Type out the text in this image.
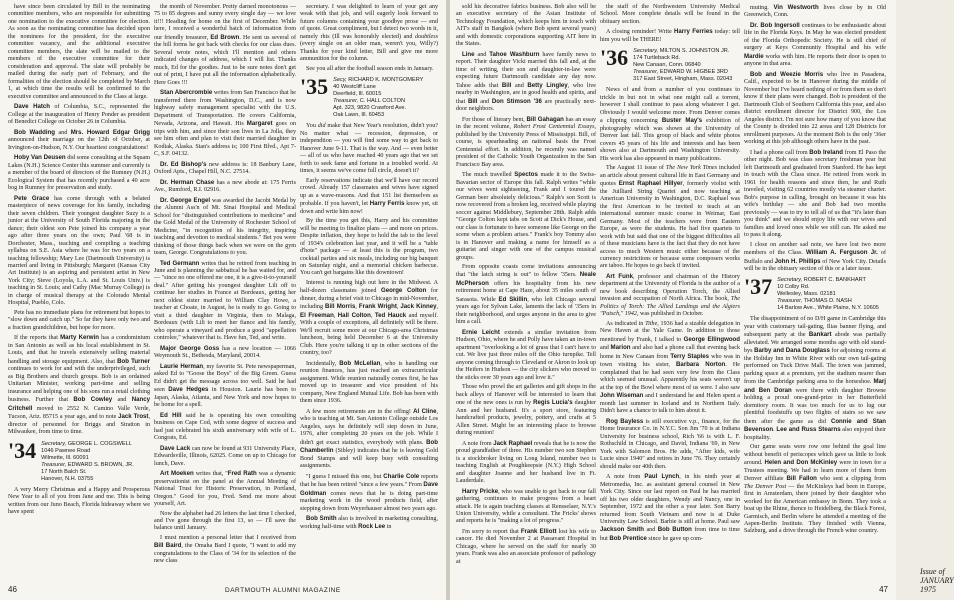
have since been circulated by Bill to the nominating committee members, who are responsible for submitting one nomination to the executive committee for election. As soon as the nominating committee has decided upon the nominees for the president, for the executive committee vacancy, and the additional executive committee members, the slate will be mailed to the members of the executive committee for their consideration and approval. The slate will probably be mailed during the early part of February, and the formalities of the election should be completed by March 1, at which time the results will be confirmed to the executive committee and announced to the Class at large.

Dave Hatch of Columbia, S.C., represented the College at the inauguration of Henry Ponder as president of Benedict College on October 26 in Columbia.

Bob Wadding and Mrs. Howard Edgar Grigg announced their marriage on the 12th of October, at Irvington-on-Hudson, N.Y. Our heartiest congratulations!

Hoby Van Deusen did some consulting at the Squam Lakes (N.H.) Science Center this summer and currently is a member of the board of directors of the Rumney (N.H.) Ecological System that has recently purchased a 40 acre bog in Rumney for preservation and study.

Pete Grace has come through with a belated masterpiece of news coverage for his family, including their seven children. Their youngest daughter Suzy is a junior at the University of South Florida majoring in the dance; their oldest son Pete joined his company a year ago after three years on the own; Paul '68 is in Dorchester, Mass., teaching and compiling a teaching syllabus on S.E. Asia where he was for two years on a teaching fellowship; Mary Lee (Dartmouth University) is married and living in Pittsburgh; Margaret (Kansas City Art Institute) is an aspiring and persistent artist in New York City; Steve (Loyola, L.A. and St. Louis Univ.) is teaching in St. Louis; and Cathy (Mac Murray College) is in charge of musical therapy at the Colorado Mental Hospital, Pueblo, Colo.

Pete has no immediate plans for retirement but hopes to "slow down and catch up." So far they have only two and a fraction grandchildren, but hope for more.

If the reports that Marty Kerwin has a condominium in San Antonio as well as his local establishment in St. Louis, and that he travels extensively selling material handling and storage equipment. Also, that Bob Turner continues to work for and with the underprivileged, such as Big Brothers and church groups. Bob is an ordained Unitarian Minister, working part-time and selling insurance and helping one of his sons run a retail clothing business. Further that Bob Cowley and Nancy Critchell moved to 2552 N. Camino Valle Verde, Tucson, Ariz. 85715 a year ago, and to note Jack Trost, director of personnel for Briggs and Stratton in Milwaukee, from time to time.

'34 Secretary, GEORGE L. COGSWELL
1046 Pawnee Road
Wilmette, Ill. 60091
Treasurer, EDWARD S. BROWN, JR.
17 North Balch St.
Hanover, N.H. 03755

A very Merry Christmas and a Happy and Prosperous New Year to all of you from Jane and me. This is being written from our Juno Beach, Florida hideaway where we have spent

the month of November. Pretty darned monotonous — 75 to 85 degrees and sunny every single day — we love it!!! Heading for home on the first of December. While here, I received a wonderful batch of information from our friendly treasurer, Ed Brown. He sent us several of the bill forms he got back with checks for our class dues. Several wrote notes, which I'll mention and others indicated changes of address, which I will list. Thanks much, Ed for the goodies. Just to be sure notes don't get out of print, I have put all the information alphabetically. Here Goes !!!

Stan Abercrombie writes from San Francisco that he transferred there from Washington, D.C., and is now highway safety management specialist with the U.S. Department of Transportation. He covers California, Nevada, Arizona, and Hawaii. His Margaret goes on trips with him, and since their son lives in La Jolla, they see him often and plan to visit their married daughter in Kodiak, Alaska. Stan's address is; 100 First Blvd., Apt 7-C, S.F. 04132.

Dr. Ed Bishop's new address is: 18 Banbury Lane, Oxford Apts., Chapel Hill, N.C. 27514.

Dr. Herman Chase has a new abode at: 175 Ferris Ave., Rumford, R.I. 02916.

Dr. George Engel was awarded the Jacobi Medal by the Alumni Ass'n of Mt. Sinai Hospital and Medical School for "distinguished contributions to medicine" and the Gold Medal of the University of Rochester School of Medicine, "in recognition of his integrity, inspiring teaching and devotion to medical students." Bet you were thinking of those things back when we were on the gym team, George. Congratulations to you.

Ted Germann writes that he retired from teaching in June and is planning the sabbatical he has waited for, and — "since no one offered me one, it is a give-it-to-yourself deal." After getting his youngest daughter Lili off to continue her studies in France at Bordeaux, getting her next oldest sister married to William Clay Howe, a teacher at Choate, in August, he is ready to go. Going to visit a third daughter in Virginia, then to Malaga, Bordeaux (with Lili to meet her fiance and his family, who operate a vineyard and produce a good "appellation controlee," whatever that is. Have fun, Ted, and write.

Major George Goss has a new location — 1066 Weymouth St., Bethesda, Maryland, 20014.

Laurie Herman, my favorite St. Pete newspaperman, asked Ed to "Goose the Boys" of the Big Green. Guess Ed didn't get the message across too well. Said he had seen Dave Hedges in Houston. Laurie has been to Japan, Alaska, Atlanta, and New York and now hopes to be home for a spell.

Ed Hill said he is operating his own consulting business on Cape Cod, with some degree of success and had just celebrated his sixth anniversary with wife of L. Congrats, Ed.

Dave Lack can now be found at 931 University Place, Edwardsville, Illinois, 62025. Come on up to Chicago for lunch, Dave.

Art Moeken writes that, "Fred Rath was a dynamic preservationist on the panel at the Annual Meeting of National Trust for Historic Preservation, in Portland, Oregon." Good for you, Fred. Send me more about yourself, Art.

Now the alphabet had 26 letters the last time I checked, and I've gone through the first 13, so — I'll save the balance until January.

I must mention a personal letter that I received from Bill Baird, the Omaha Bard I quote, "I want to add my congratulations to the Class of '34 for its selection of the new class

secretary. I was delighted to learn of your get any weak with that job, and will eagerly look forward to future columns containing your goodbye prose — end of quote. Great compliment, but I detect two words in it, namely rhis (Ill was honorably elected) and doubtless (every single on an older man, weren't you, Willy?) Thanks for your kind letter, Bill and give me more ammunition for the column.

See you all after the football season ends in January.

'35 Secy, RICHARD K. MONTGOMERY
40 Westcliff Lane
Deerfield, Ill. 60015
Treasurer, C. HALL COLTON
Apt. 323, 9820 Crawford Ave.
Oak Lawn, Ill. 60453

You did make that New Year's resolution, didn't you? No matter what — recession, depression, or independtion — you will find some way to get back to Hanover June 9-11. That is the way. And — even better — all of us who have reached 40 years ago that we set forth to seek fame and fortune in a troubled world. At times, it seems we've come full circle, doesn't it?

Early reservations indicate that we'll have our record crowd. Already 157 classmates and wives have signed up as a wave-reasons. And that 151 list themselves as probable. If you haven't, let Harry Ferris know yet, sit down and write him now!

By the time you get this, Harry and his committee will be meeting to finalize plans — and more on prices. Despite inflation, they hope to hold the tab to the level of 1934's celebration last year, and it will be a "table d'hote" package — at least this is the program, two cocktail parties and six meals, including our big banquet on Saturday night, and a memorial chicken barbecue. You can't get bargains like this downtown!

Interest is running high out here in the Midwest. A half-dozen classmates joined George Colton for dinner, during a brief visit to Chicago in mid-November, including Bill Morris, Frank Wright, Jack Kinney, El Freeman, Hall Colton, Ted Hauck and myself. With a couple of exceptions, all definitely will be there. We'll recruit some more at our Chicago-area Christmas luncheon, being held December 6 at the University Club. Here you're talking it up in other sections of the country, too?

Incidentally, Bob McLellan, who is handling our reunion finances, has just reached an extracurricular assignment. While reunion naturally comes first, he has moved up to treasurer and vice president of his company, New England Mutual Life. Bob has been with them since 1936.

A few more retirements are in the offing! Al Cline, who is teaching at Mt. San Antonio College outside Los Angeles, says he definitely will step down in June, 1976, after completing 20 years on the job. While I didn't get exact statistics, everybody with plans. Bob Chamberlin (Sibley) indicates that he is leaving Gold Bond Stamps and will keep busy with consulting assignments.

"I guess I missed this one, but Charlie Cole reports that he has been retired "since a few years." From Dave Goldman comes news that he is doing part-time marketing work in the wood products field, after stepping down from Weyerhauser almost two years ago.

Bob Smith also is involved in marketing consulting, working half-time with Rock Lee in

46	DARTMOUTH ALUMNI MAGAZINE

sold his decorative fabrics business. Bob also will be an executive secretary of the Asian Institute of Technology Foundation, which keeps him in touch with AIT's staff in Bangkok (where Bob spent several years) and with domestic corporations supporting AIT here in the States.

Line and Tahoe Washburn have family news to report. Their daughter Vicki married this fall and, at the time of writing, their son and daughter-in-law were expecting future Dartmouth candidate any day now. Tahoe adds that Bill and Betty Lingley, who live nearby in Washington, are in good health and spirits, and that Bill and Don Stimson '36 are practically next-door neighbors.

For those of literary bent, Bill Gahagan has an essay in the recent volume, Robert Frost Centennial Essays, published by the University Press of Mississippi. Bill, of course, is spearheading an national basis the Frost Centennial effort. In addition, he recently was named president of the Catholic Youth Organization in the San Francisco Bay area.

The much travelled Spectos made it to the Swiss-Bavarian sector of Europe this fall. Ralph writes "while our wives went sightseeing, Frank and I toured the German beer absolutely delicious." Ralph's son Scott is now recovered from a broken leg, received while playing soccer against Middlebury, September 28th. Ralph adds "George Colton kept tabs on Scott at Dick's House, and our class is fortunate to have someone like George on the scene when a problem arises." Frank's boy Tommy also is in Hanover and making a name for himself as a guitarist and singer with one of the campus musical groups.

From opposite coasts come invitations announcing that "the latch string is out" to fellow '35ers. Neale McPherson offers his hospitality from his new retirement home at Cape Haze, about 35 miles south of Sarasota. While Ed Skillin, who left Chicago several years ago for Sylvan Lake, laments the lack of '35ers in their neighborhood, and urges anyone in the area to give him a call.

Ernie Leicht extends a similar invitation from Hudson, Ohio, where he and Polly have taken an in-town apartment "overlooking a lot of grass that I can't have to cut. We live just three miles off the Ohio turnpike. Tell anyone coming through to Cleveland or Akron to look up the Heifers in Hudson — the city slickers who moved to the sticks over 30 years ago and love it."

Those who prowl the art galleries and gift shops in the back alleys of Hanover will be interested to learn that one of the new ones is run by Regis Lucia's daughter Ann and her husband. It's a sport store, featuring handcrafted products, jewelry, pottery, and crafts at 5 Allen Street. Might be an interesting place to browse during reunion!

A note from Jack Raphael reveals that he is now the proud grandfather of three. His number two son Stephen is a stockbroker living on Long Island, number two is teaching English at Poughkeepsie (N.Y.) High School and daughter Joanne and her husband live in Ft. Lauderdale.

Harry Pricke, who was unable to get back to our fall gathering, continues to make progress from a heart attack. He is again teaching classes at Rensselaer, N.Y.'s Union University, while a consultant. The Fricks' shows and reports he is "making a lot of progress."

I'm sorry to report that Frank Elliott lost his wife to cancer. He died November 2 at Passavant Hospital in Chicago, where he served on the staff for nearly 30 years. Frank was also an associate professor of pathology at

the staff of the Northwestern University Medical School. More complete details will be found in the obituary section.

A closing reminder! Write Harry Ferries today: tell him you will be THERE!

'36 Secretary, MILTON S. JOHNSTON JR.
174 Turtleback Rd.
New Canaan, Conn. 06840
Treasurer, EDWARD W. HIGBEE 3RD
317 East Street, Hingham, Mass. 02043

News of and from a number of you continues to trickle in but not in what one might call a torrent, however I shall continue to pass along whatever I get. Obviously I would welcome more. From Denver comes a clipping concerning Buster May's exhibition of photography which was shown at the University of Denver last fall. This group of black and white photos covers 45 years of his life and interests and has been shown also at Dartmouth and Washington University. His work has also appeared in many publications.

The August 11 issue of The New York Times included an article about present cultural life in East Germany and quotes Ernst Raphael Hillyer, formerly violist with the Juilliard String Quartet and now teaching at American University in Washington, D.C. Raphael was the first American to be invited to teach at an international summer music course in Weimar, East Germany. Most of the teachers were from Eastern Europe, as were the students. He had five quartets to work with but said that one of the biggest difficulties all of these musicians have is the fact that they do not have access to much Western music either because of the currency restrictions or because some composers works are taboo. He hopes to go back if invited.

Art Funk, professor and chairman of the History department at the University of Florida is the author of a new book describing Operation Torch, the Allied invasion and occupation of North Africa. The book, The Politics of Torch: The Allied Landings and the Algiers "Putsch," 1942, was published in October.

As indicated in Tithe, 1936 had a sizable delegation in New Haven at the Yale Game. In addition to those mentioned by Frank, I talked to George Ellingwood and Marion and also had a phone call that evening back home in New Canaan from Terry Staples who was in town visiting his sister, Barbara Norton. He complained that he had seen very few from the Class which seemed unusual. Apparently his seats weren't up at the top of the Bowl where most of us were. I also saw John Wiseman and I understand he and Helen spent a month last summer in Iceland and in Northern Italy. Didn't have a chance to talk to him about it.

Rog Bayless is still executive v.p., finance, for the Home Insurance Co. in N.Y.C. Son Jim '70 is at Indiana University for business school, Rich '66 is with L. F. Rothschild in Chicago, and David, Indiana '69, in New York with Salomon Bros. He adds, "After kids, wife Lucie since 1940" and retires in June '76. They certainly should make our 40th then.

A note from Paul Lynch, in his ninth year at Metromedia, Inc. as assistant general counsel in New York City. Since our last report on Paul he has married off his two older daughters, Wendy and Nancy, one in September, 1972 and the other a year later. Son Barry returned from South Vietnam and now is at Duke University Law School. Barbie is still at home. Paul saw Jackson Smith and Bob Button from time to time but Bob Prentice since he gave up com-

muting. Vin Westworth lives close by in Old Greenwich, Conn.

Dr. Bob Ingersoll continues to be enthusiastic about life in the Florida Keys. In May he was elected president of the Florida Orthopedic Society. He is still chief of surgery at Keys Community Hospital and his wife Mardie works with him. He reports their door is open to anyone in that area.

Bob and Weezie Morris who live in Pasadena, Calif., expected to be in Hanover during the middle of November but I've heard nothing of or from them so don't know if their plans were changed. Bob is president of the Dartmouth Club of Southern California this year, and also district enrollment director for District 900, the Los Angeles district. I'm not sure how many of you know that the County is divided into 22 areas and 128 Districts for enrollment purposes. At the moment Bob is the only '36er working at this job although others have in the past.

I had a phone call from Bob Ireland from El Paso the other night. Bob was class secretary freshman year but left Dartmouth and graduated from Stanford. He has kept in touch with the Class since. He retired from work in 1961 for health reasons and since then, he and Ruth traveled, visiting 62 countries mostly via steamer charter. Bob's purpose in calling, brought on because it was his wife's birthday — she and Bob had two months previously — was to try to tell all of us that "it's later than you think" and we should enjoy life with our wives and families and loved ones while we still can. He asked me to pass it along.

I close on another sad note, we have lost two more members of the Class. William A. Ferguson Jr. of Buffalo and John H. Phillips of New York City. Details will be in the obituary section of this or a later issue.

'37 Secretary, ROBERT C. BANKHART
10 Colby Rd.
Wellesley, Mass. 02181
Treasurer, THOMAS D. NASH
14 Barlow Ave., White Plains, N.Y. 10605

The disappointment of no D/H game in Cambridge this year with customary tail-gating, Ilias banner flying, and subsequent party at the Bankart abode was partially alleviated. We arranged some months ago with old stand-bys Barby and Dana Douglass for adjoining rooms at the Holiday Inn in White River with our own tail-gating performed on Tuck Drive Mall. The town was jammed, parking space at a premium, yet the stadium nearer than from the Cambridge parking area to the horseshoe. Marj and Ben Doran were there with daughter Browne holding a proud one-grand-prize in her Butterfield dormitory room. It was too much for us to lug our plentiful foodstuffs up two flights of stairs so we saw them after the game as did Connie and Stan Bevenson. Lee and Russ Stearns also enjoyed their hospitality.

Our game seats were row one behind the goal line without benefit of periscopes which gave us little to look around. Helen and Don McKinley were in town for a Trustees meeting. We had to learn more of them from Denver affiliate Bill Fallon who sent a clipping from The Denver Post — the McKinleys had been in Europe, first in Amsterdam, there joined by their daughter who worked for the American embassy in Bonn. They took a boat up the Rhine, thence to Heidelberg, the Black Forest, Garmisch, and Berlin where he attended a meeting of the Aspen-Berlin Institute. They finished with Vienna, Salzburg, and a drive through the French wine country.

Issue of JANUARY 1975
47
